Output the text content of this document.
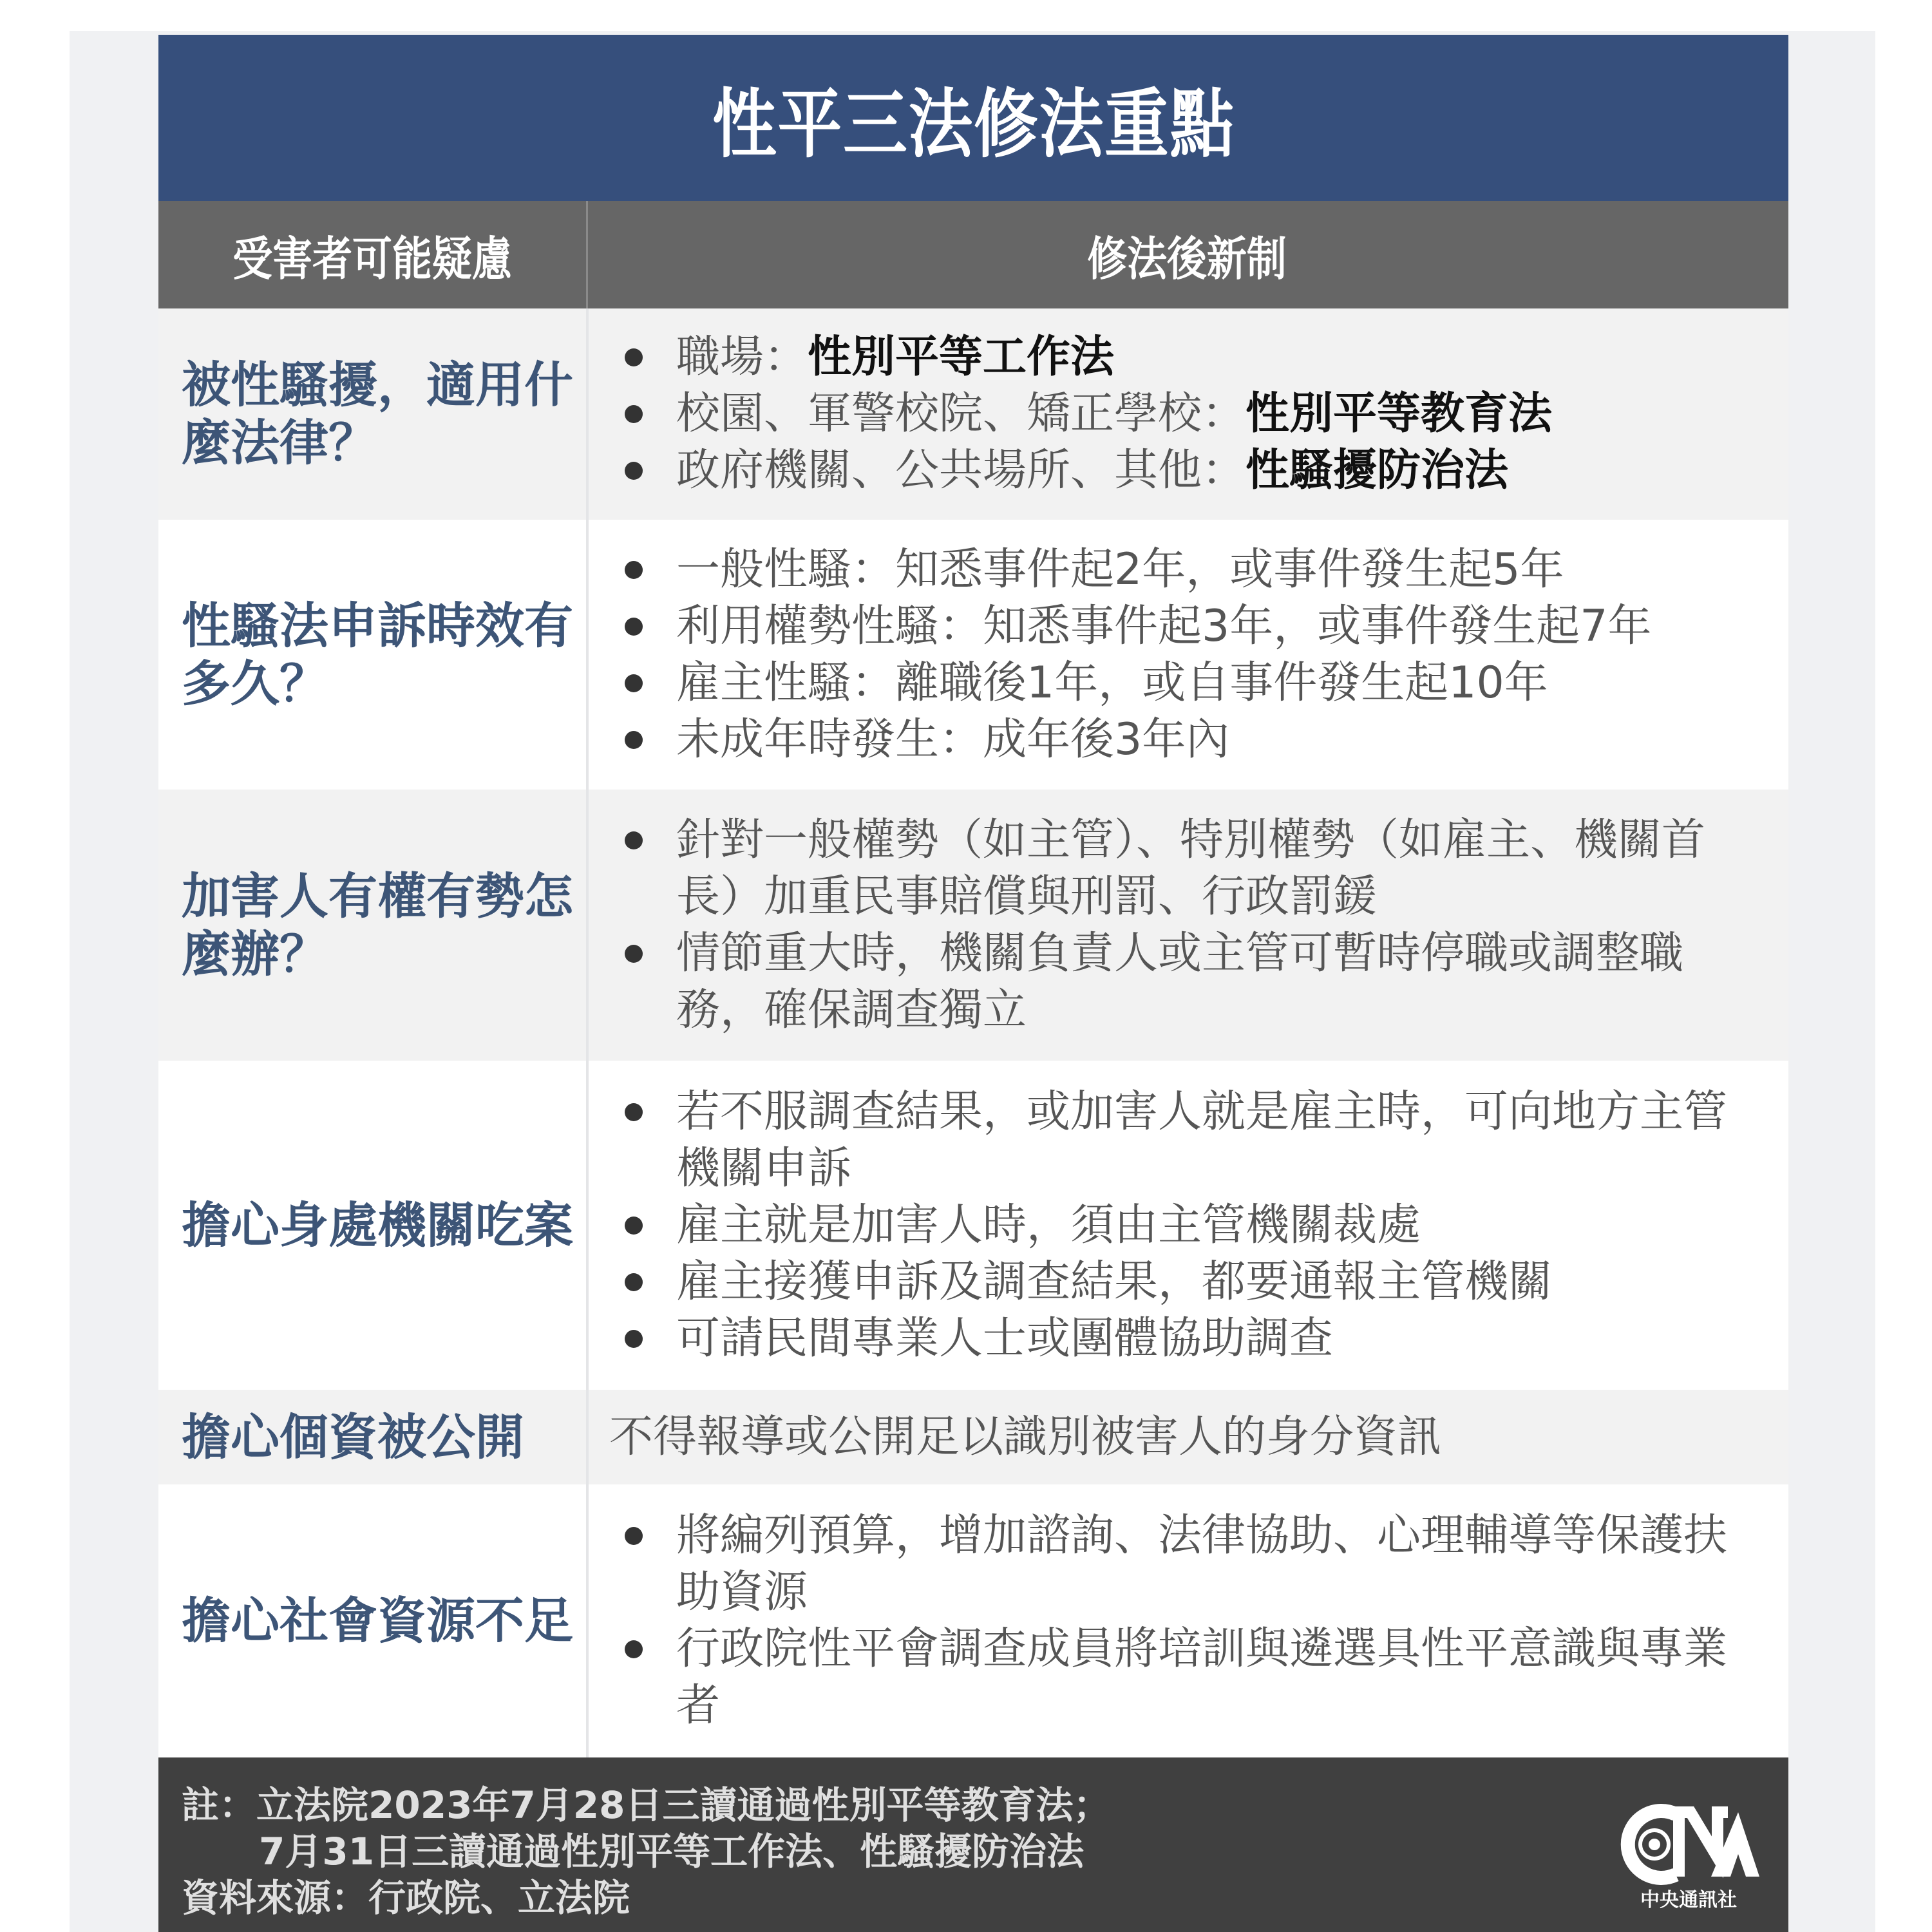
性平三法修法重點
受害者可能疑慮	修法後新制
被性騷擾，適用什麼法律？
職場：性別平等工作法
校園、軍警校院、矯正學校：性別平等教育法
政府機關、公共場所、其他：性騷擾防治法
性騷法申訴時效有多久？
一般性騷：知悉事件起2年，或事件發生起5年
利用權勢性騷：知悉事件起3年，或事件發生起7年
雇主性騷：離職後1年，或自事件發生起10年
未成年時發生：成年後3年內
加害人有權有勢怎麼辦？
針對一般權勢（如主管）、特別權勢（如雇主、機關首長）加重民事賠償與刑罰、行政罰鍰
情節重大時，機關負責人或主管可暫時停職或調整職務，確保調查獨立
擔心身處機關吃案
若不服調查結果，或加害人就是雇主時，可向地方主管機關申訴
雇主就是加害人時，須由主管機關裁處
雇主接獲申訴及調查結果，都要通報主管機關
可請民間專業人士或團體協助調查
擔心個資被公開 不得報導或公開足以識別被害人的身分資訊
擔心社會資源不足
將編列預算，增加諮詢、法律協助、心理輔導等保護扶助資源
行政院性平會調查成員將培訓與遴選具性平意識與專業者
註：立法院2023年7月28日三讀通過性別平等教育法；
7月31日三讀通過性別平等工作法、性騷擾防治法
資料來源：行政院、立法院	中央通訊社
